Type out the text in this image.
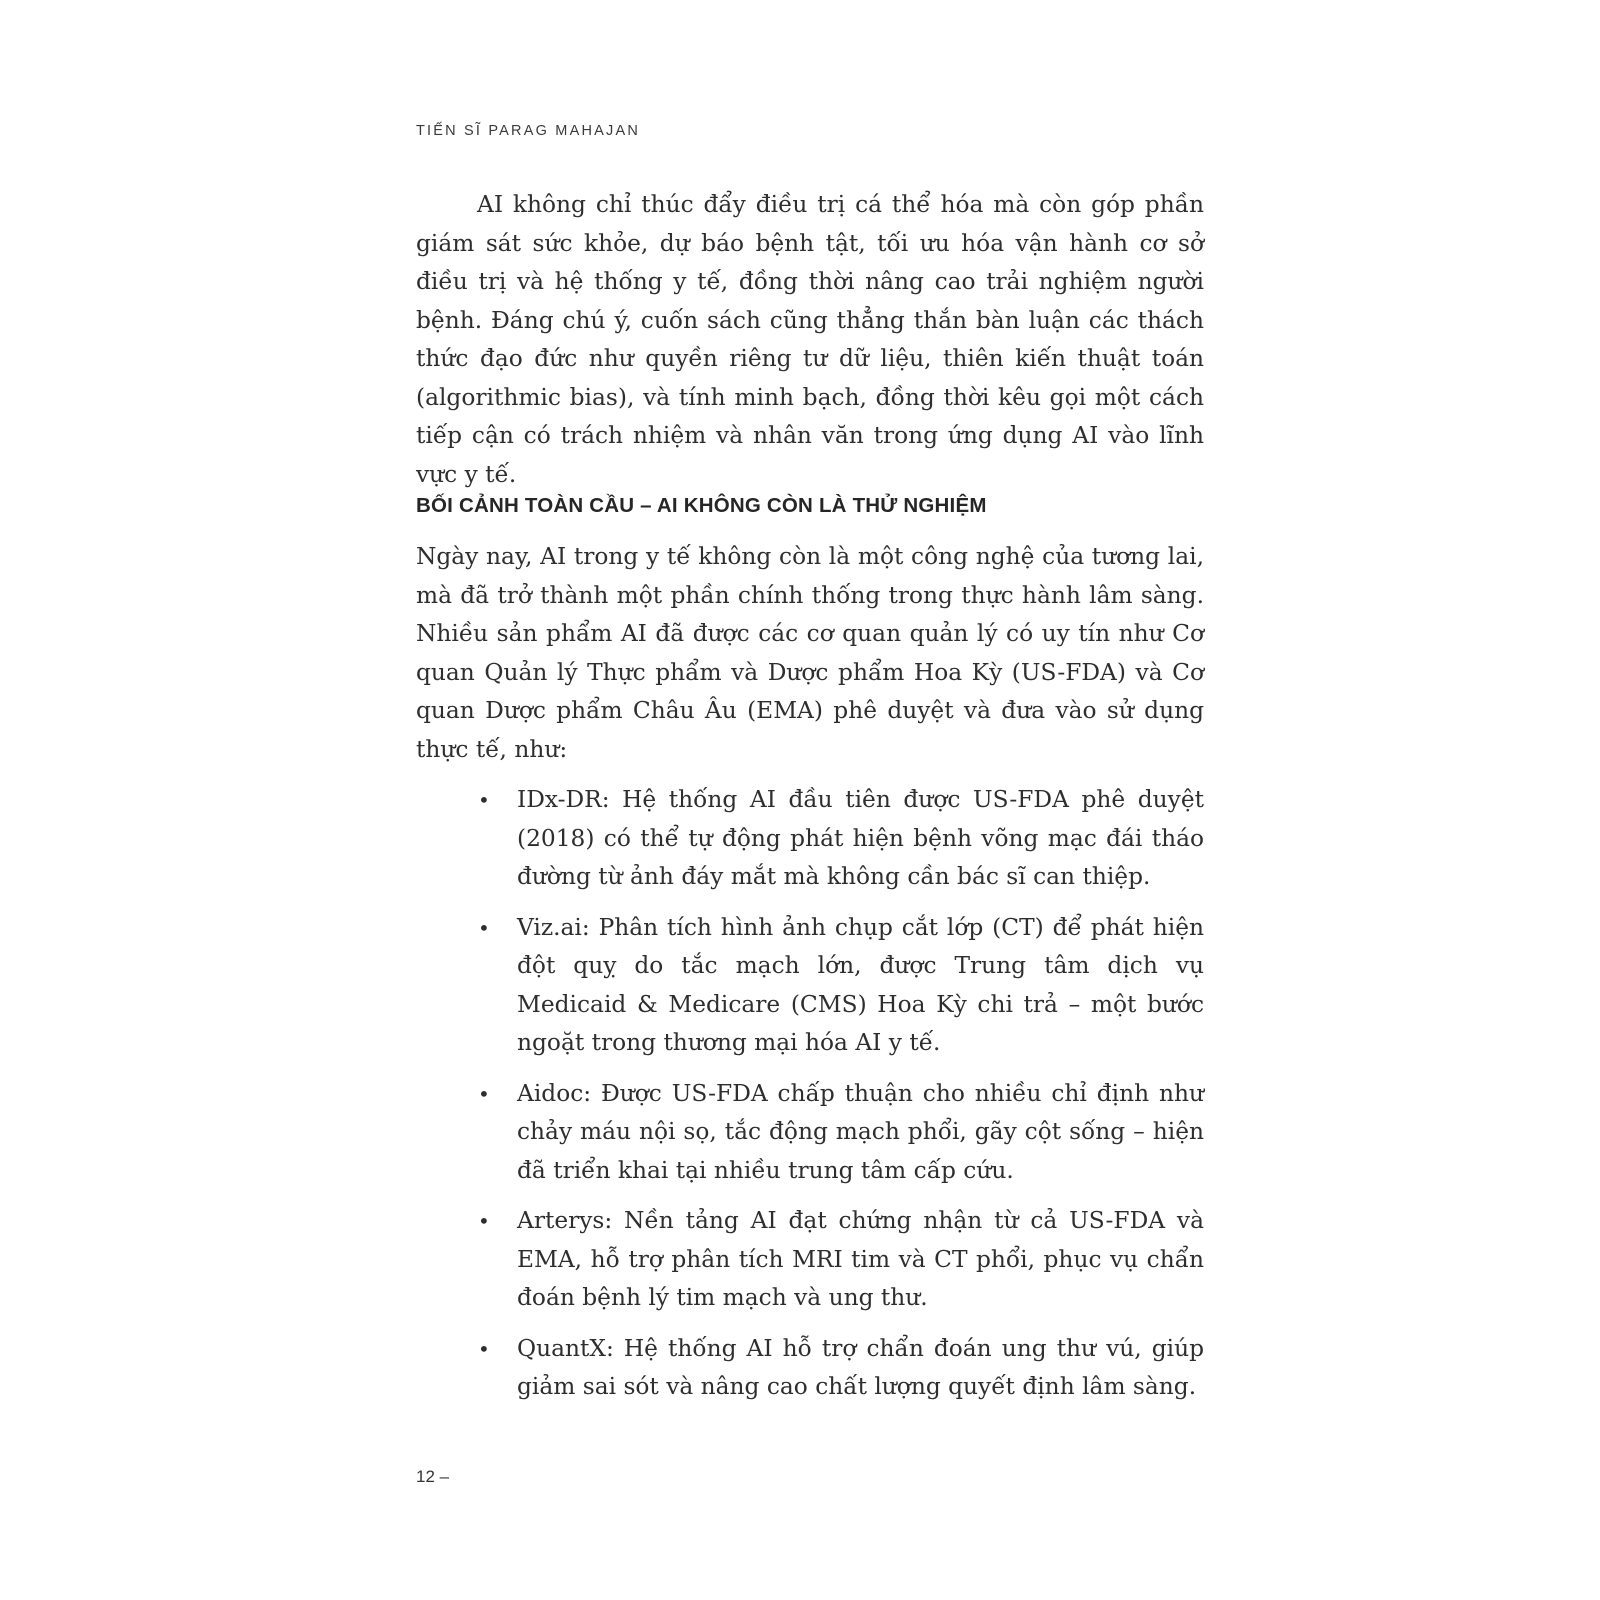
TIẾN SĨ PARAG MAHAJAN

AI không chỉ thúc đẩy điều trị cá thể hóa mà còn góp phần giám sát sức khỏe, dự báo bệnh tật, tối ưu hóa vận hành cơ sở điều trị và hệ thống y tế, đồng thời nâng cao trải nghiệm người bệnh. Đáng chú ý, cuốn sách cũng thẳng thắn bàn luận các thách thức đạo đức như quyền riêng tư dữ liệu, thiên kiến thuật toán (algorithmic bias), và tính minh bạch, đồng thời kêu gọi một cách tiếp cận có trách nhiệm và nhân văn trong ứng dụng AI vào lĩnh vực y tế.

BỐI CẢNH TOÀN CẦU – AI KHÔNG CÒN LÀ THỬ NGHIỆM

Ngày nay, AI trong y tế không còn là một công nghệ của tương lai, mà đã trở thành một phần chính thống trong thực hành lâm sàng. Nhiều sản phẩm AI đã được các cơ quan quản lý có uy tín như Cơ quan Quản lý Thực phẩm và Dược phẩm Hoa Kỳ (US-FDA) và Cơ quan Dược phẩm Châu Âu (EMA) phê duyệt và đưa vào sử dụng thực tế, như:

• IDx-DR: Hệ thống AI đầu tiên được US-FDA phê duyệt (2018) có thể tự động phát hiện bệnh võng mạc đái tháo đường từ ảnh đáy mắt mà không cần bác sĩ can thiệp.
• Viz.ai: Phân tích hình ảnh chụp cắt lớp (CT) để phát hiện đột quỵ do tắc mạch lớn, được Trung tâm dịch vụ Medicaid & Medicare (CMS) Hoa Kỳ chi trả – một bước ngoặt trong thương mại hóa AI y tế.
• Aidoc: Được US-FDA chấp thuận cho nhiều chỉ định như chảy máu nội sọ, tắc động mạch phổi, gãy cột sống – hiện đã triển khai tại nhiều trung tâm cấp cứu.
• Arterys: Nền tảng AI đạt chứng nhận từ cả US-FDA và EMA, hỗ trợ phân tích MRI tim và CT phổi, phục vụ chẩn đoán bệnh lý tim mạch và ung thư.
• QuantX: Hệ thống AI hỗ trợ chẩn đoán ung thư vú, giúp giảm sai sót và nâng cao chất lượng quyết định lâm sàng.
12 –
